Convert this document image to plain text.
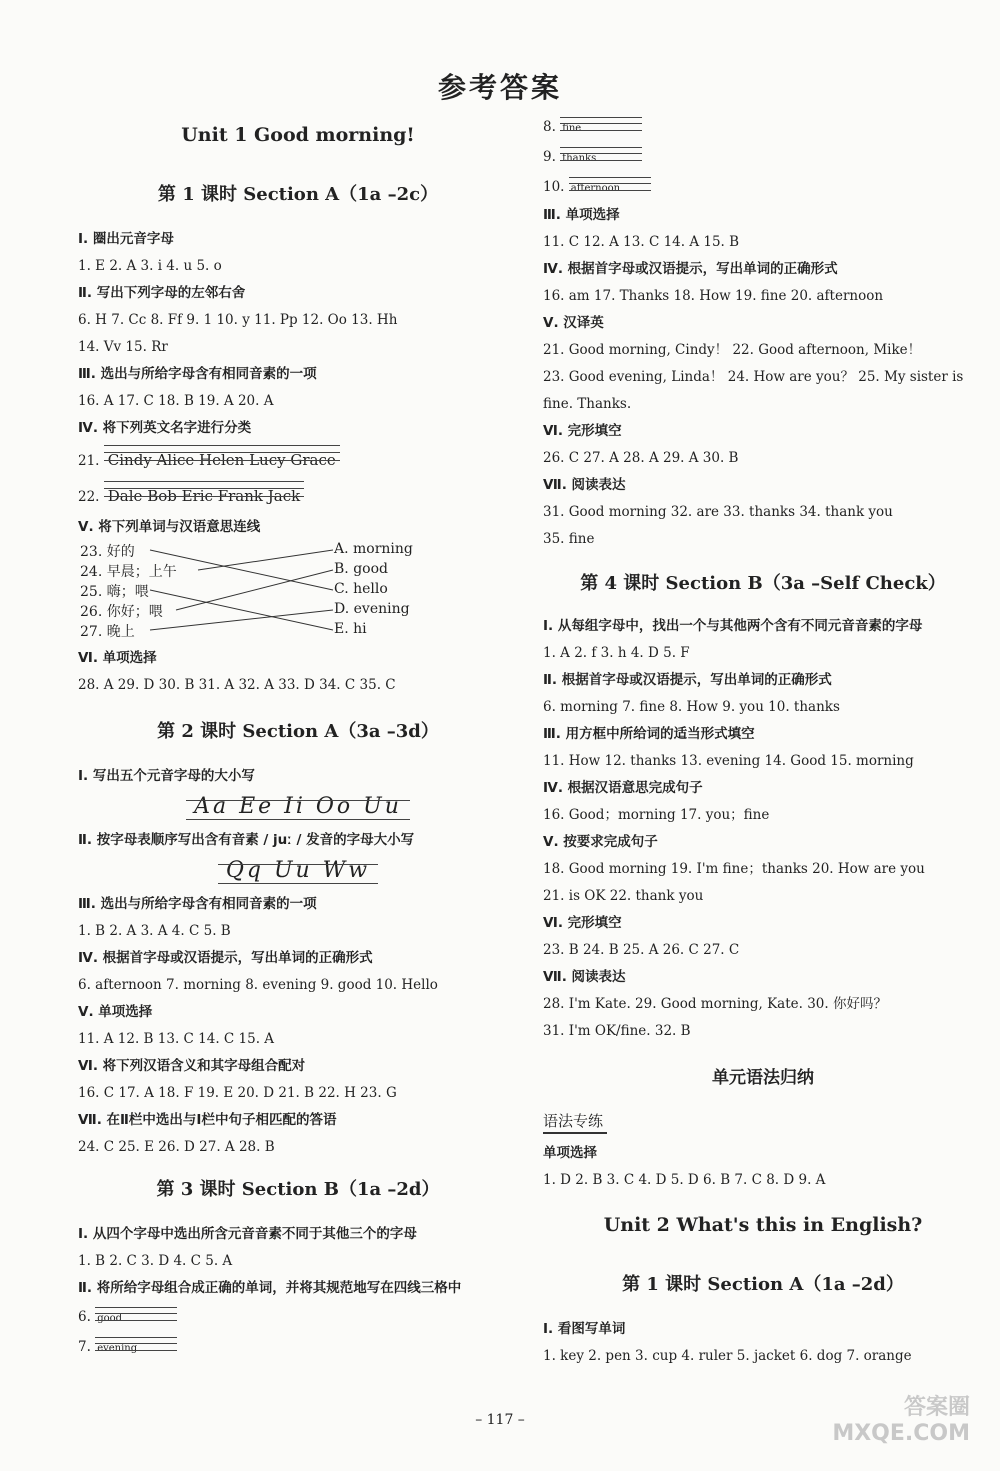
参考答案
Unit 1 Good morning!
第 1 课时 Section A（1a –2c）
Ⅰ. 圈出元音字母
1. E 2. A 3. i 4. u 5. o
Ⅱ. 写出下列字母的左邻右舍
6. H 7. Cc 8. Ff 9. 1 10. y 11. Pp 12. Oo 13. Hh
14. Vv 15. Rr
Ⅲ. 选出与所给字母含有相同音素的一项
16. A 17. C 18. B 19. A 20. A
Ⅳ. 将下列英文名字进行分类
21. Cindy Alice Helen Lucy Grace
22. Dale Bob Eric Frank Jack
Ⅴ. 将下列单词与汉语意思连线
23. 好的
24. 早晨；上午
25. 嗨；喂
26. 你好；喂
27. 晚上
A. morning
B. good
C. hello
D. evening
E. hi
Ⅵ. 单项选择
28. A 29. D 30. B 31. A 32. A 33. D 34. C 35. C
第 2 课时 Section A（3a –3d）
Ⅰ. 写出五个元音字母的大小写
Aa Ee Ii Oo Uu
Ⅱ. 按字母表顺序写出含有音素 / juː / 发音的字母大小写
Qq Uu Ww
Ⅲ. 选出与所给字母含有相同音素的一项
1. B 2. A 3. A 4. C 5. B
Ⅳ. 根据首字母或汉语提示，写出单词的正确形式
6. afternoon 7. morning 8. evening 9. good 10. Hello
Ⅴ. 单项选择
11. A 12. B 13. C 14. C 15. A
Ⅵ. 将下列汉语含义和其字母组合配对
16. C 17. A 18. F 19. E 20. D 21. B 22. H 23. G
Ⅶ. 在Ⅱ栏中选出与Ⅰ栏中句子相匹配的答语
24. C 25. E 26. D 27. A 28. B
第 3 课时 Section B（1a –2d）
Ⅰ. 从四个字母中选出所含元音音素不同于其他三个的字母
1. B 2. C 3. D 4. C 5. A
Ⅱ. 将所给字母组合成正确的单词，并将其规范地写在四线三格中
6. good
7. evening
8. fine
9. thanks
10. afternoon
Ⅲ. 单项选择
11. C 12. A 13. C 14. A 15. B
Ⅳ. 根据首字母或汉语提示，写出单词的正确形式
16. am 17. Thanks 18. How 19. fine 20. afternoon
Ⅴ. 汉译英
21. Good morning, Cindy！ 22. Good afternoon, Mike！
23. Good evening, Linda！ 24. How are you？ 25. My sister is
fine. Thanks.
Ⅵ. 完形填空
26. C 27. A 28. A 29. A 30. B
Ⅶ. 阅读表达
31. Good morning 32. are 33. thanks 34. thank you
35. fine
第 4 课时 Section B（3a –Self Check）
Ⅰ. 从每组字母中，找出一个与其他两个含有不同元音音素的字母
1. A 2. f 3. h 4. D 5. F
Ⅱ. 根据首字母或汉语提示，写出单词的正确形式
6. morning 7. fine 8. How 9. you 10. thanks
Ⅲ. 用方框中所给词的适当形式填空
11. How 12. thanks 13. evening 14. Good 15. morning
Ⅳ. 根据汉语意思完成句子
16. Good；morning 17. you；fine
Ⅴ. 按要求完成句子
18. Good morning 19. I'm fine；thanks 20. How are you
21. is OK 22. thank you
Ⅵ. 完形填空
23. B 24. B 25. A 26. C 27. C
Ⅶ. 阅读表达
28. I'm Kate. 29. Good morning, Kate. 30. 你好吗？
31. I'm OK/fine. 32. B
单元语法归纳
语法专练
单项选择
1. D 2. B 3. C 4. D 5. D 6. B 7. C 8. D 9. A
Unit 2 What's this in English?
第 1 课时 Section A（1a –2d）
Ⅰ. 看图写单词
1. key 2. pen 3. cup 4. ruler 5. jacket 6. dog 7. orange
– 117 –	答案圈
MXQE.COM
